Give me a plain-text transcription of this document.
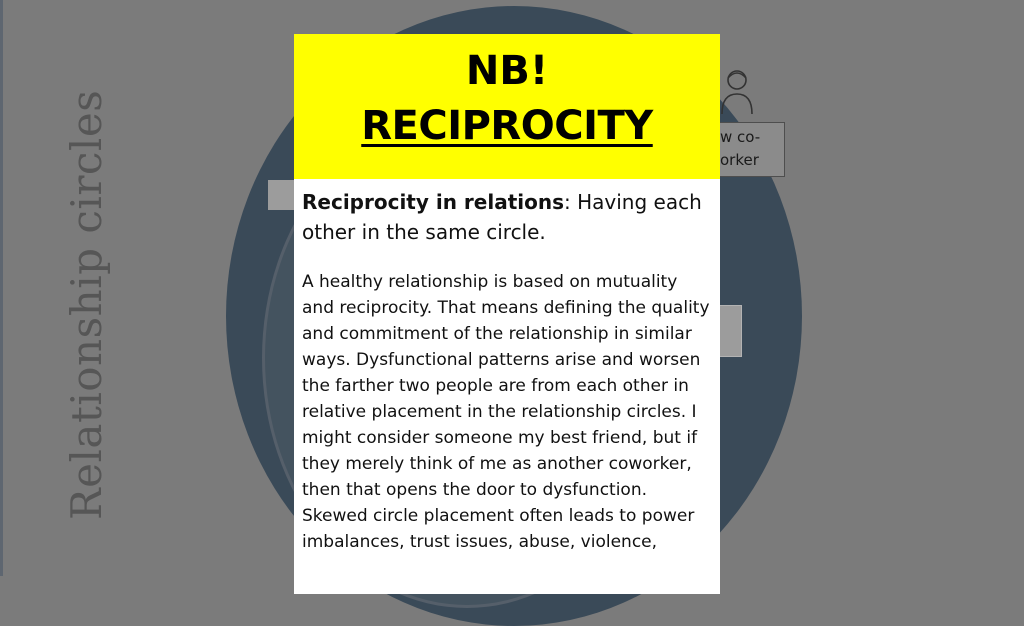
Relationship circles	w co-
orker
NB!
RECIPROCITY

Reciprocity in relations: Having each other in the same circle.

A healthy relationship is based on mutuality and reciprocity. That means defining the quality and commitment of the relationship in similar ways. Dysfunctional patterns arise and worsen the farther two people are from each other in relative placement in the relationship circles. I might consider someone my best friend, but if they merely think of me as another coworker, then that opens the door to dysfunction. Skewed circle placement often leads to power imbalances, trust issues, abuse, violence,
